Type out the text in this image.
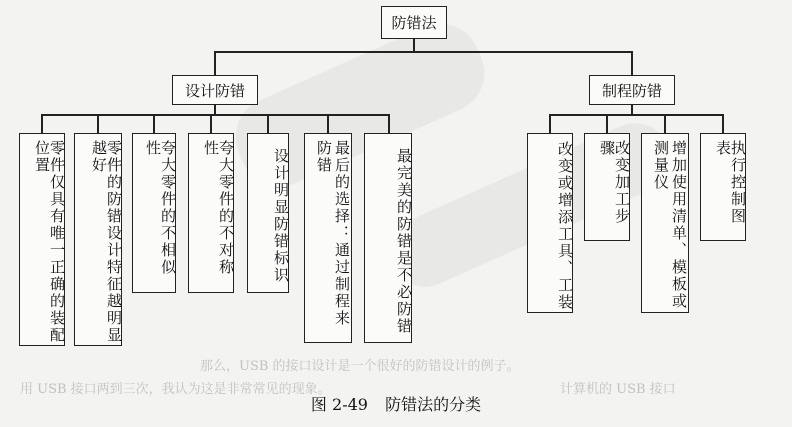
那么，USB 的接口设计是一个很好的防错设计的例子。
用 USB 接口两到三次，我认为这是非常常见的现象。	计算机的 USB 接口
防错法
设计防错	制程防错
零件仅具有唯一正确的装配位置	零件的防错设计特征越明显越好	夸大零件的不相似性	夸大零件的不对称性	设计明显防错标识	最后的选择：通过制程来防错	最完美的防错是不必防错	改变或增添工具、工装	改变加工步骤	增加使用清单、模板或测量仪	执行控制图表
图 2-49 防错法的分类
